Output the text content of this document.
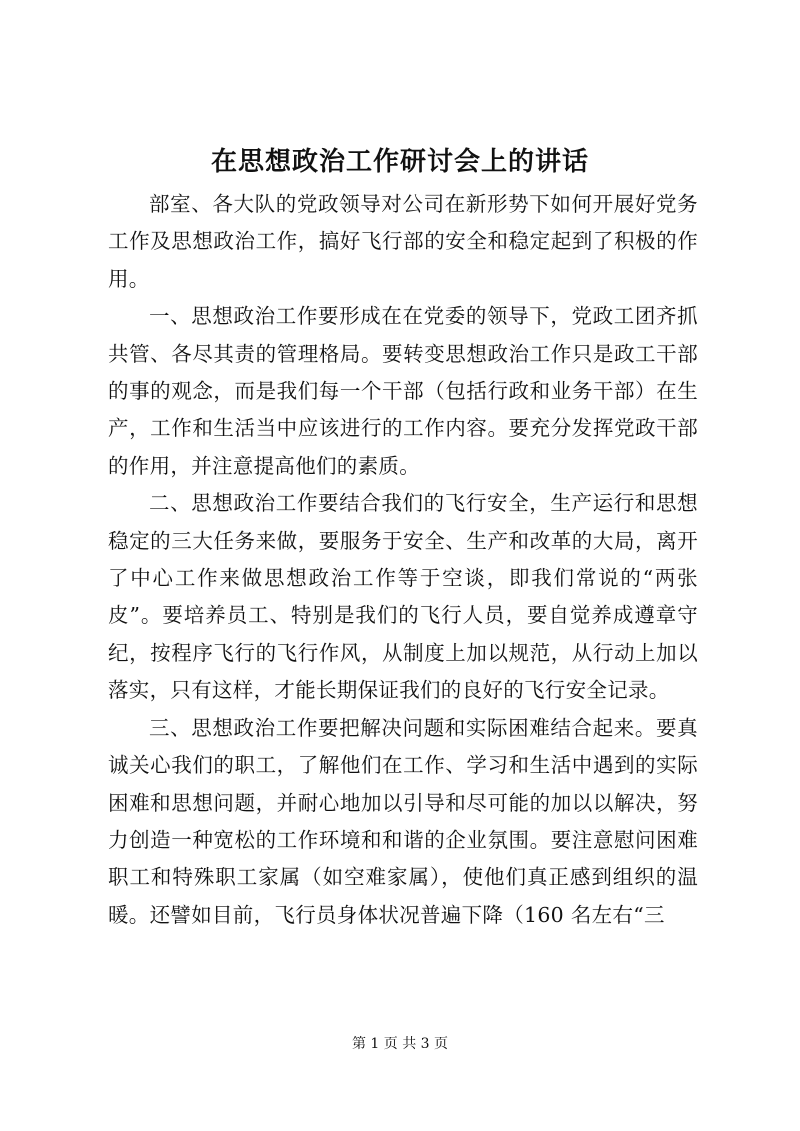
在思想政治工作研讨会上的讲话

部室、各大队的党政领导对公司在新形势下如何开展好党务工作及思想政治工作，搞好飞行部的安全和稳定起到了积极的作用。

一、思想政治工作要形成在在党委的领导下，党政工团齐抓共管、各尽其责的管理格局。要转变思想政治工作只是政工干部的事的观念，而是我们每一个干部（包括行政和业务干部）在生产，工作和生活当中应该进行的工作内容。要充分发挥党政干部的作用，并注意提高他们的素质。

二、思想政治工作要结合我们的飞行安全，生产运行和思想稳定的三大任务来做，要服务于安全、生产和改革的大局，离开了中心工作来做思想政治工作等于空谈，即我们常说的“两张皮”。要培养员工、特别是我们的飞行人员，要自觉养成遵章守纪，按程序飞行的飞行作风，从制度上加以规范，从行动上加以落实，只有这样，才能长期保证我们的良好的飞行安全记录。

三、思想政治工作要把解决问题和实际困难结合起来。要真诚关心我们的职工，了解他们在工作、学习和生活中遇到的实际困难和思想问题，并耐心地加以引导和尽可能的加以以解决，努力创造一种宽松的工作环境和和谐的企业氛围。要注意慰问困难职工和特殊职工家属（如空难家属），使他们真正感到组织的温暖。还譬如目前，飞行员身体状况普遍下降（160 名左右“三

第 1 页 共 3 页
